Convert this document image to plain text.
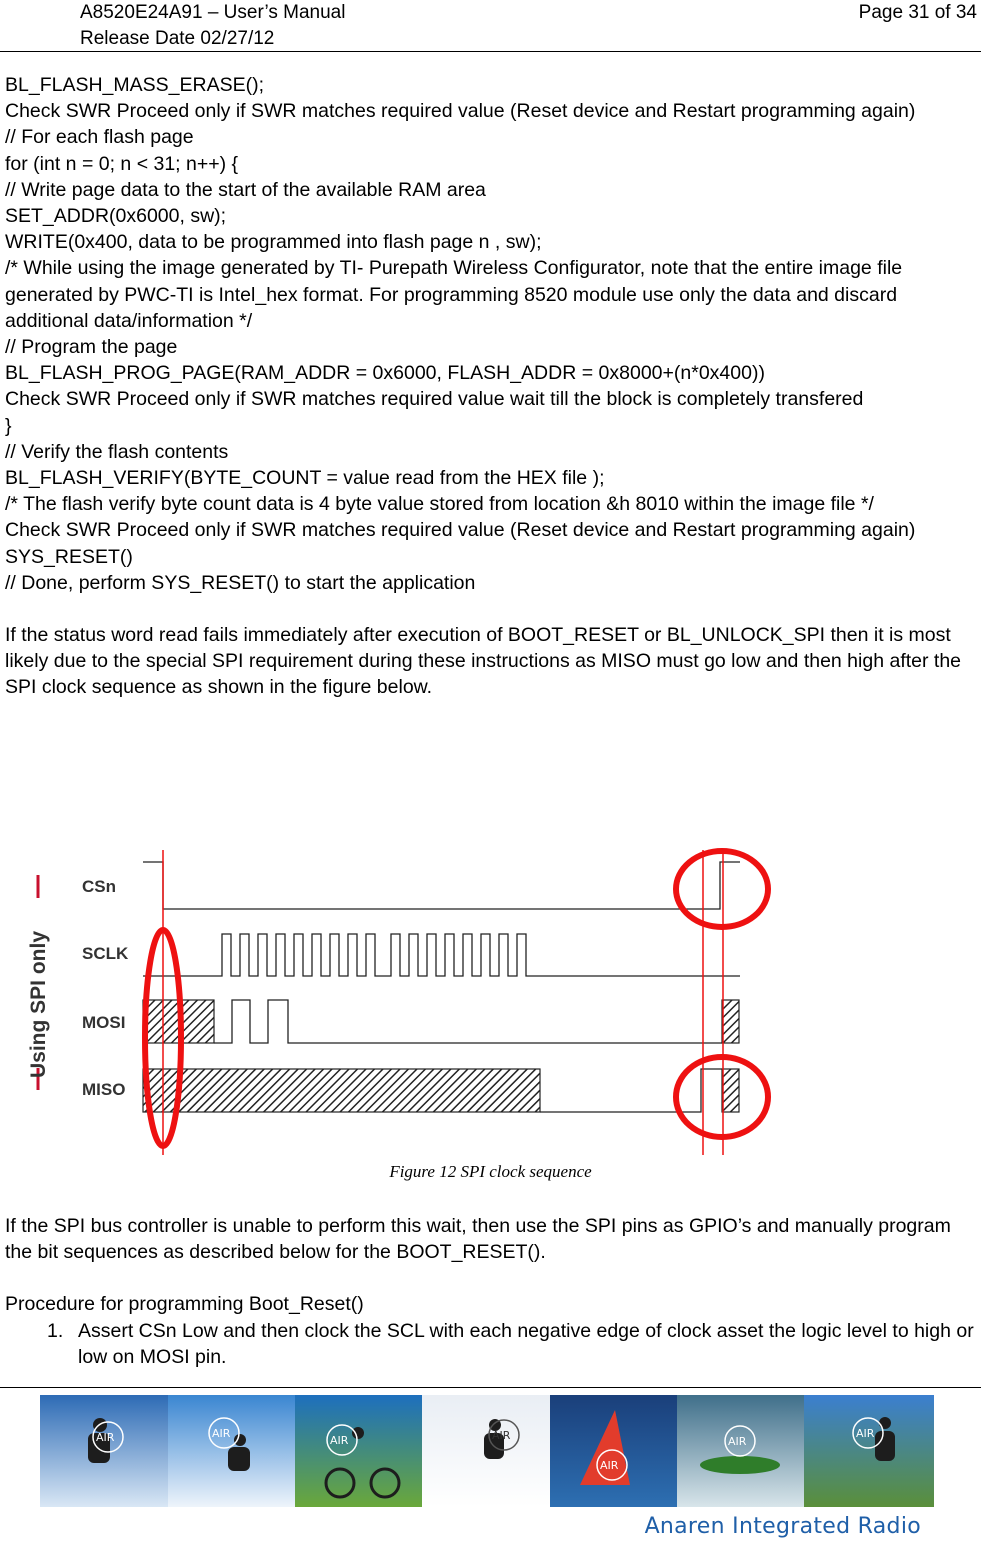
A8520E24A91 – User’s Manual
Release Date 02/27/12
Page 31 of 34

BL_FLASH_MASS_ERASE();

Check SWR Proceed only if SWR matches required value (Reset device and Restart programming again)

// For each flash page

for (int n = 0; n < 31; n++) {

// Write page data to the start of the available RAM area

SET_ADDR(0x6000, sw);

WRITE(0x400, data to be programmed into flash page n , sw);

/* While using the image generated by TI- Purepath Wireless Configurator, note that the entire image file generated by PWC-TI is Intel_hex format. For programming 8520 module use only the data and discard additional data/information */

// Program the page

BL_FLASH_PROG_PAGE(RAM_ADDR = 0x6000, FLASH_ADDR = 0x8000+(n*0x400))

Check SWR Proceed only if SWR matches required value wait till the block is completely transfered

}

// Verify the flash contents

BL_FLASH_VERIFY(BYTE_COUNT = value read from the HEX file );

/* The flash verify byte count data is 4 byte value stored from location &h 8010 within the image file */

Check SWR Proceed only if SWR matches required value (Reset device and Restart programming again)

SYS_RESET()

// Done, perform SYS_RESET() to start the application

If the status word read fails immediately after execution of BOOT_RESET or BL_UNLOCK_SPI then it is most likely due to the special SPI requirement during these instructions as MISO must go low and then high after the SPI clock sequence as shown in the figure below.

Using SPI only
CSn
SCLK
MOSI
MISO
Figure 12 SPI clock sequence

If the SPI bus controller is unable to perform this wait, then use the SPI pins as GPIO’s and manually program the bit sequences as described below for the BOOT_RESET().

Procedure for programming Boot_Reset()

1. Assert CSn Low and then clock the SCL with each negative edge of clock asset the logic level to high or low on MOSI pin.
AIR	AIR
AIR	AIR
AIR
AIR
AIR
Anaren Integrated Radio
